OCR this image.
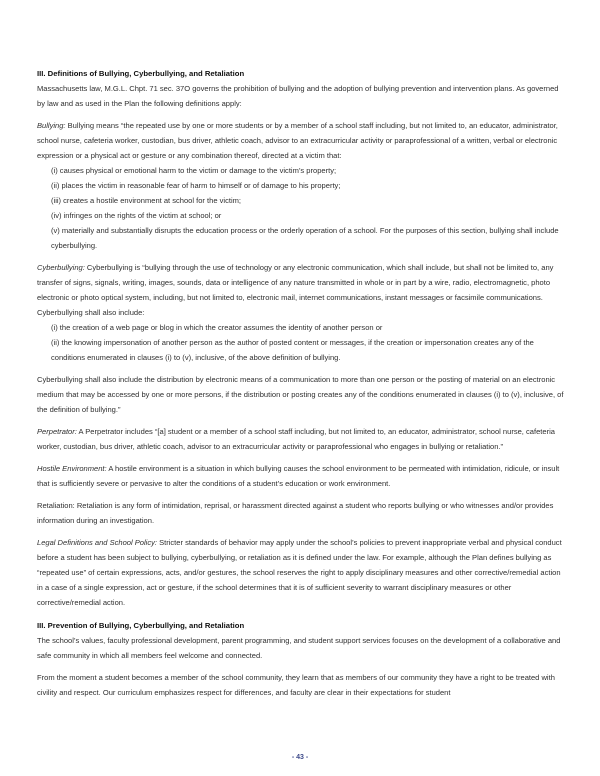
III. Definitions of Bullying, Cyberbullying, and Retaliation

Massachusetts law, M.G.L. Chpt. 71 sec. 37O governs the prohibition of bullying and the adoption of bullying prevention and intervention plans. As governed by law and as used in the Plan the following definitions apply:

Bullying: Bullying means “the repeated use by one or more students or by a member of a school staff including, but not limited to, an educator, administrator, school nurse, cafeteria worker, custodian, bus driver, athletic coach, advisor to an extracurricular activity or paraprofessional of a written, verbal or electronic expression or a physical act or gesture or any combination thereof, directed at a victim that:

(i) causes physical or emotional harm to the victim or damage to the victim’s property;

(ii) places the victim in reasonable fear of harm to himself or of damage to his property;

(iii) creates a hostile environment at school for the victim;

(iv) infringes on the rights of the victim at school; or

(v) materially and substantially disrupts the education process or the orderly operation of a school. For the purposes of this section, bullying shall include cyberbullying.

Cyberbullying: Cyberbullying is “bullying through the use of technology or any electronic communication, which shall include, but shall not be limited to, any transfer of signs, signals, writing, images, sounds, data or intelligence of any nature transmitted in whole or in part by a wire, radio, electromagnetic, photo electronic or photo optical system, including, but not limited to, electronic mail, internet communications, instant messages or facsimile communications. Cyberbullying shall also include:

(i) the creation of a web page or blog in which the creator assumes the identity of another person or

(ii) the knowing impersonation of another person as the author of posted content or messages, if the creation or impersonation creates any of the conditions enumerated in clauses (i) to (v), inclusive, of the above definition of bullying.

Cyberbullying shall also include the distribution by electronic means of a communication to more than one person or the posting of material on an electronic medium that may be accessed by one or more persons, if the distribution or posting creates any of the conditions enumerated in clauses (i) to (v), inclusive, of the definition of bullying.”

Perpetrator: A Perpetrator includes “[a] student or a member of a school staff including, but not limited to, an educator, administrator, school nurse, cafeteria worker, custodian, bus driver, athletic coach, advisor to an extracurricular activity or paraprofessional who engages in bullying or retaliation.”

Hostile Environment: A hostile environment is a situation in which bullying causes the school environment to be permeated with intimidation, ridicule, or insult that is sufficiently severe or pervasive to alter the conditions of a student’s education or work environment.

Retaliation: Retaliation is any form of intimidation, reprisal, or harassment directed against a student who reports bullying or who witnesses and/or provides information during an investigation.

Legal Definitions and School Policy: Stricter standards of behavior may apply under the school’s policies to prevent inappropriate verbal and physical conduct before a student has been subject to bullying, cyberbullying, or retaliation as it is defined under the law. For example, although the Plan defines bullying as “repeated use” of certain expressions, acts, and/or gestures, the school reserves the right to apply disciplinary measures and other corrective/remedial action in a case of a single expression, act or gesture, if the school determines that it is of sufficient severity to warrant disciplinary measures or other corrective/remedial action.

III. Prevention of Bullying, Cyberbullying, and Retaliation

The school’s values, faculty professional development, parent programming, and student support services focuses on the development of a collaborative and safe community in which all members feel welcome and connected.

From the moment a student becomes a member of the school community, they learn that as members of our community they have a right to be treated with civility and respect. Our curriculum emphasizes respect for differences, and faculty are clear in their expectations for student

- 43 -
